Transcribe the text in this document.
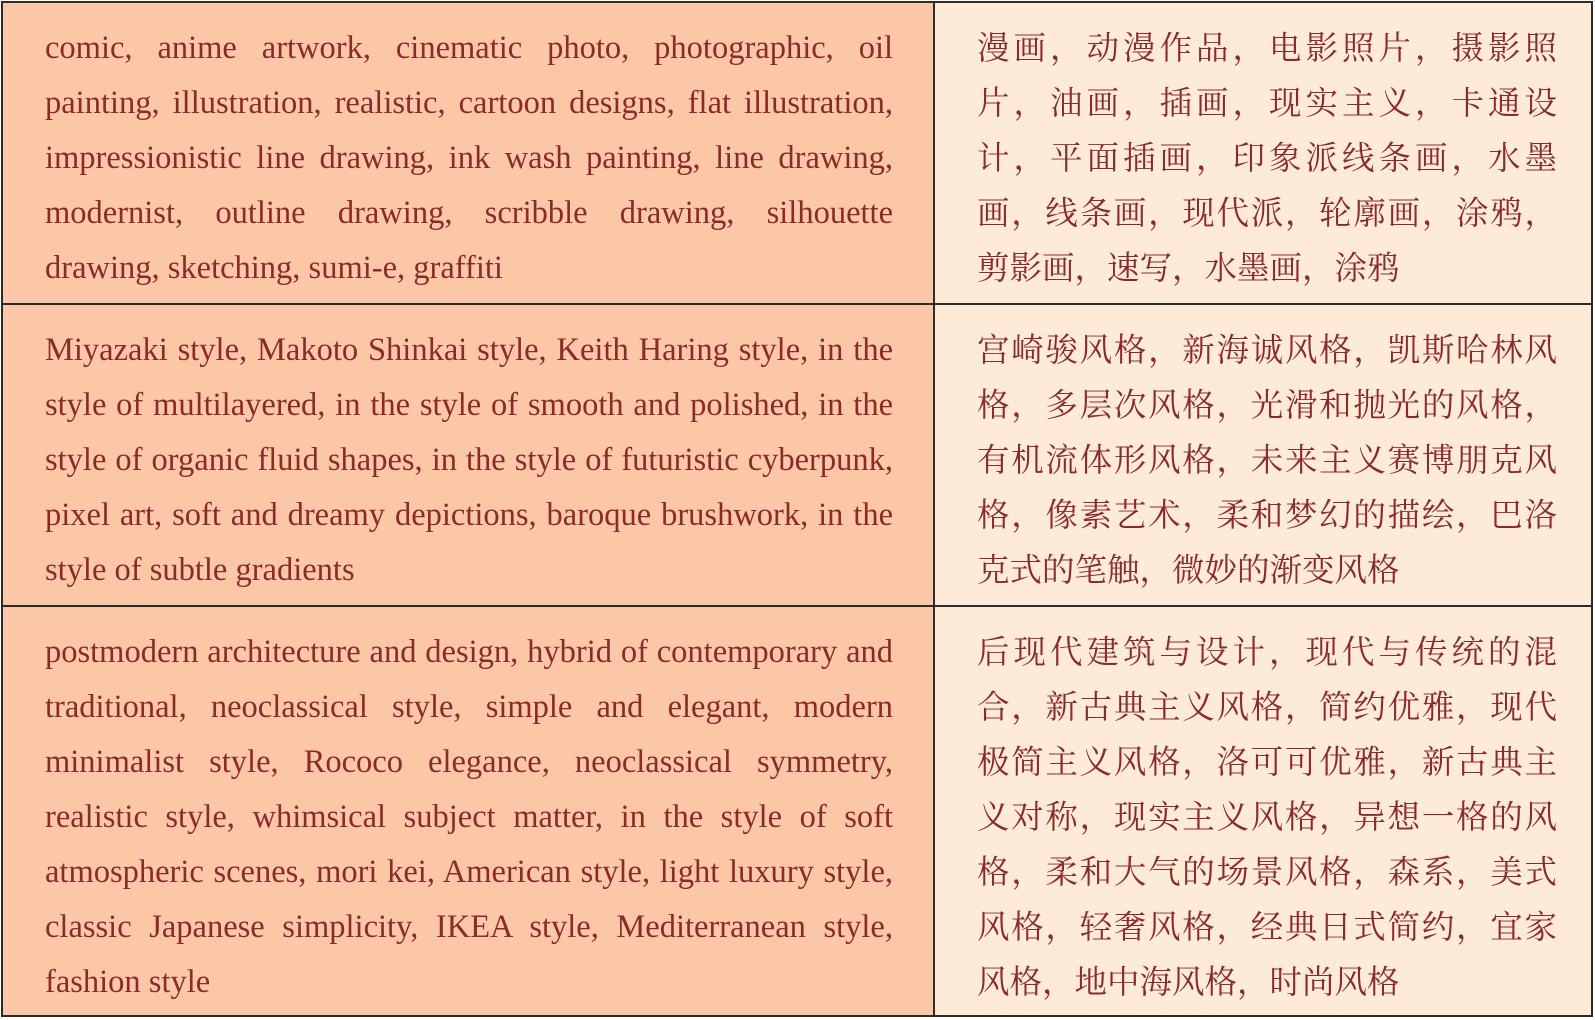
comic, anime artwork, cinematic photo, photographic, oil painting, illustration, realistic, cartoon designs, flat illustration, impressionistic line drawing, ink wash painting, line drawing, modernist, outline drawing, scribble drawing, silhouette drawing, sketching, sumi-e, graffiti
漫画，动漫作品，电影照片，摄影照片，油画，插画，现实主义，卡通设计，平面插画，印象派线条画，水墨画，线条画，现代派，轮廓画，涂鸦，剪影画，速写，水墨画，涂鸦
Miyazaki style, Makoto Shinkai style, Keith Haring style, in the style of multilayered, in the style of smooth and polished, in the style of organic fluid shapes, in the style of futuristic cyberpunk, pixel art, soft and dreamy depictions, baroque brushwork, in the style of subtle gradients
宫崎骏风格，新海诚风格，凯斯哈林风格，多层次风格，光滑和抛光的风格，有机流体形风格，未来主义赛博朋克风格，像素艺术，柔和梦幻的描绘，巴洛克式的笔触，微妙的渐变风格
postmodern architecture and design, hybrid of contemporary and traditional, neoclassical style, simple and elegant, modern minimalist style, Rococo elegance, neoclassical symmetry, realistic style, whimsical subject matter, in the style of soft atmospheric scenes, mori kei, American style, light luxury style, classic Japanese simplicity, IKEA style, Mediterranean style, fashion style
后现代建筑与设计，现代与传统的混合，新古典主义风格，简约优雅，现代极简主义风格，洛可可优雅，新古典主义对称，现实主义风格，异想一格的风格，柔和大气的场景风格，森系，美式风格，轻奢风格，经典日式简约，宜家风格，地中海风格，时尚风格
